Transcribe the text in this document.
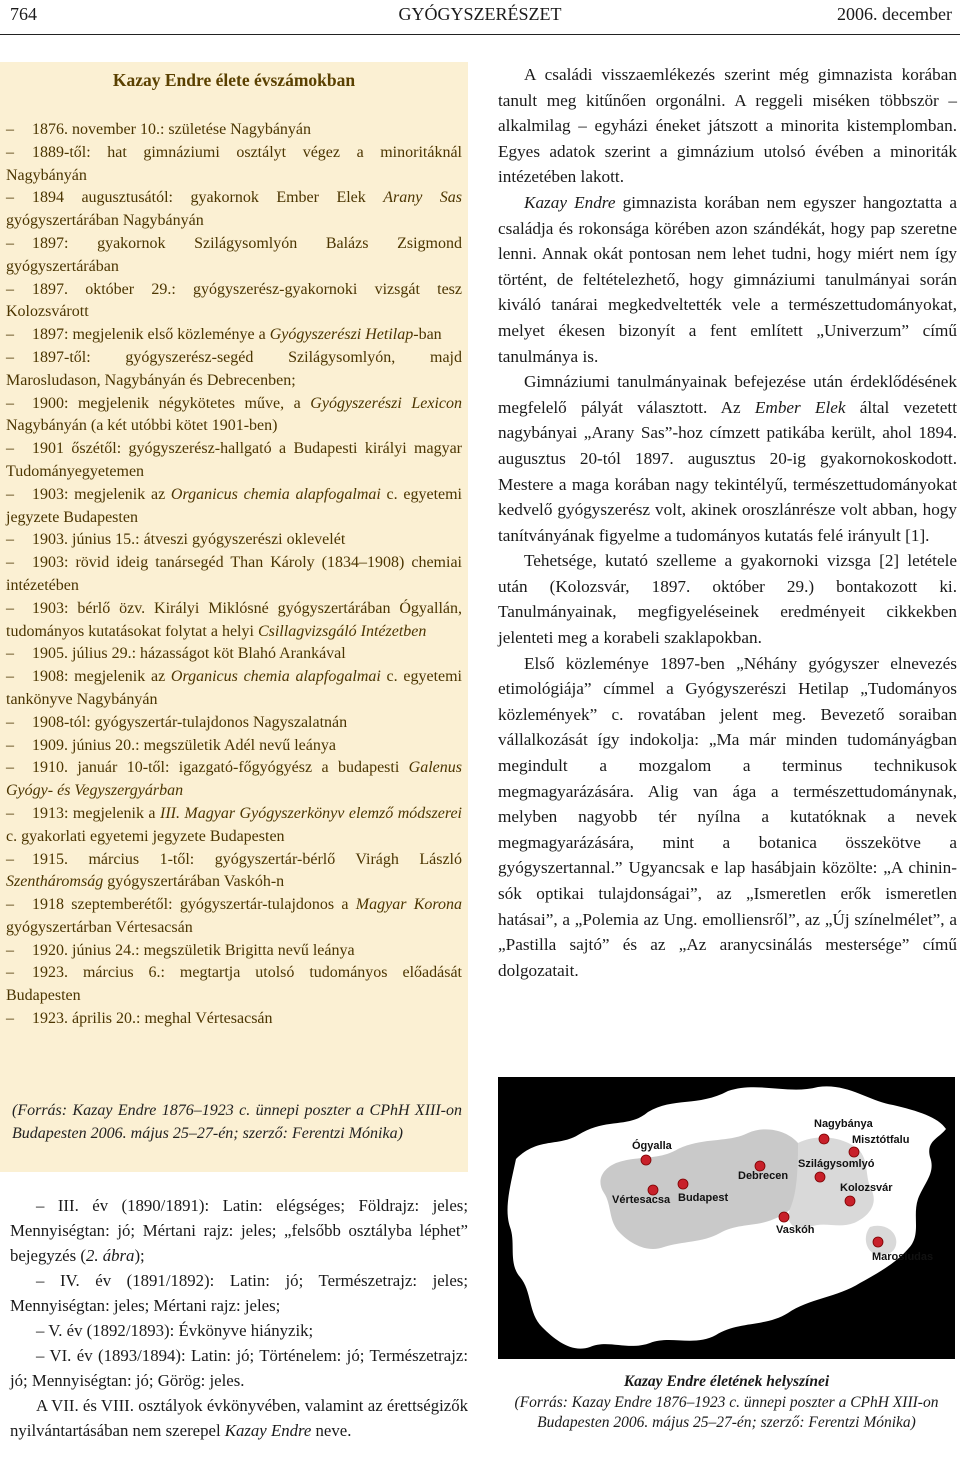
764	GYÓGYSZERÉSZET	2006. december
Kazay Endre élete évszámokban
– 1876. november 10.: születése Nagybányán
– 1889-től: hat gimnáziumi osztályt végez a minoritáknál Nagybányán
– 1894 augusztusától: gyakornok Ember Elek Arany Sas gyógyszertárában Nagybányán
– 1897: gyakornok Szilágysomlyón Balázs Zsigmond gyógyszertárában
– 1897. október 29.: gyógyszerész-gyakornoki vizsgát tesz Kolozsvárott
– 1897: megjelenik első közleménye a Gyógyszerészi Hetilap-ban
– 1897-től: gyógyszerész-segéd Szilágysomlyón, majd Marosludason, Nagybányán és Debrecenben;
– 1900: megjelenik négykötetes műve, a Gyógyszerészi Lexicon Nagybányán (a két utóbbi kötet 1901-ben)
– 1901 őszétől: gyógyszerész-hallgató a Budapesti királyi magyar Tudományegyetemen
– 1903: megjelenik az Organicus chemia alapfogalmai c. egyetemi jegyzete Budapesten
– 1903. június 15.: átveszi gyógyszerészi oklevelét
– 1903: rövid ideig tanársegéd Than Károly (1834–1908) chemiai intézetében
– 1903: bérlő özv. Királyi Miklósné gyógyszertárában Ógyallán, tudományos kutatásokat folytat a helyi Csillagvizsgáló Intézetben
– 1905. július 29.: házasságot köt Blahó Arankával
– 1908: megjelenik az Organicus chemia alapfogalmai c. egyetemi tankönyve Nagybányán
– 1908-tól: gyógyszertár-tulajdonos Nagyszalatnán
– 1909. június 20.: megszületik Adél nevű leánya
– 1910. január 10-től: igazgató-főgyógyész a budapesti Galenus Gyógy- és Vegyszergyárban
– 1913: megjelenik a III. Magyar Gyógyszerkönyv elemző módszerei c. gyakorlati egyetemi jegyzete Budapesten
– 1915. március 1-től: gyógyszertár-bérlő Virágh László Szentháromság gyógyszertárában Vaskóh-n
– 1918 szeptemberétől: gyógyszertár-tulajdonos a Magyar Korona gyógyszertárban Vértesacsán
– 1920. június 24.: megszületik Brigitta nevű leánya
– 1923. március 6.: megtartja utolsó tudományos előadását Budapesten
– 1923. április 20.: meghal Vértesacsán
(Forrás: Kazay Endre 1876–1923 c. ünnepi poszter a CPhH XIII-on Budapesten 2006. május 25–27-én; szerző: Ferentzi Mónika)

A családi visszaemlékezés szerint még gimnazista korában tanult meg kitűnően orgonálni. A reggeli miséken többször – alkalmilag – egyházi éneket játszott a minorita kistemplomban. Egyes adatok szerint a gimnázium utolsó évében a minoriták intézetében lakott.

Kazay Endre gimnazista korában nem egyszer hangoztatta a családja és rokonsága körében azon szándékát, hogy pap szeretne lenni. Annak okát pontosan nem lehet tudni, hogy miért nem így történt, de feltételezhető, hogy gimnáziumi tanulmányai során kiváló tanárai megkedveltették vele a természettudományokat, melyet ékesen bizonyít a fent említett „Univerzum” című tanulmánya is.

Gimnáziumi tanulmányainak befejezése után érdeklődésének megfelelő pályát választott. Az Ember Elek által vezetett nagybányai „Arany Sas”-hoz címzett patikába került, ahol 1894. augusztus 20-tól 1897. augusztus 20-ig gyakornokoskodott. Mestere a maga korában nagy tekintélyű, természettudományokat kedvelő gyógyszerész volt, akinek oroszlánrésze volt abban, hogy tanítványának figyelme a tudományos kutatás felé irányult [1].

Tehetsége, kutató szelleme a gyakornoki vizsga [2] letétele után (Kolozsvár, 1897. október 29.) bontakozott ki. Tanulmányainak, megfigyeléseinek eredményeit cikkekben jelenteti meg a korabeli szaklapokban.

Első közleménye 1897-ben „Néhány gyógyszer elnevezés etimológiája” címmel a Gyógyszerészi Hetilap „Tudományos közlemények” c. rovatában jelent meg. Bevezető soraiban vállalkozását így indokolja: „Ma már minden tudományágban megindult a mozgalom a terminus technikusok megmagyarázására. Alig van ága a természettudománynak, melyben nagyobb tér nyílna a kutatóknak a nevek megmagyarázására, mint a botanica összekötve a gyógyszertannal.” Ugyancsak e lap hasábjain közölte: „A chinin-sók optikai tulajdonságai”, az „Ismeretlen erők ismeretlen hatásai”, a „Polemia az Ung. emolliensről”, az „Új színelmélet”, a „Pastilla sajtó” és az „Az aranycsinálás mestersége” című dolgozatait.

– III. év (1890/1891): Latin: elégséges; Földrajz: jeles; Mennyiségtan: jó; Mértani rajz: jeles; „felsőbb osztályba léphet” bejegyzés (2. ábra);

– IV. év (1891/1892): Latin: jó; Természetrajz: jeles; Mennyiségtan: jeles; Mértani rajz: jeles;

– V. év (1892/1893): Évkönyve hiányzik;

– VI. év (1893/1894): Latin: jó; Történelem: jó; Természetrajz: jó; Mennyiségtan: jó; Görög: jeles.

A VII. és VIII. osztályok évkönyvében, valamint az érettségizők nyilvántartásában nem szerepel Kazay Endre neve.

Ógyalla
Vértesacsa Budapest
Debrecen
Nagybánya
Misztótfalu
Szilágysomlyó
Vaskóh
Kolozsvár
Marosludas
Kazay Endre életének helyszínei
(Forrás: Kazay Endre 1876–1923 c. ünnepi poszter a CPhH XIII-on Budapesten 2006. május 25–27-én; szerző: Ferentzi Mónika)
